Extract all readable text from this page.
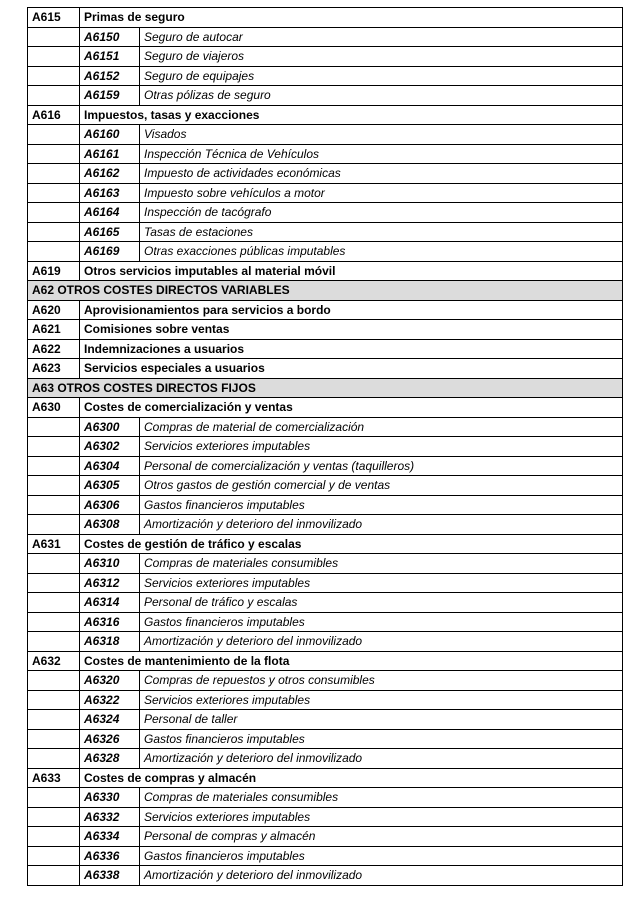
A615	Primas de seguro	
	A6150	Seguro de autocar
	A6151	Seguro de viajeros
	A6152	Seguro de equipajes
	A6159	Otras pólizas de seguro
A616	Impuestos, tasas y exacciones	
	A6160	Visados
	A6161	Inspección Técnica de Vehículos
	A6162	Impuesto de actividades económicas
	A6163	Impuesto sobre vehículos a motor
	A6164	Inspección de tacógrafo
	A6165	Tasas de estaciones
	A6169	Otras exacciones públicas imputables
A619	Otros servicios imputables al material móvil	
A62 OTROS COSTES DIRECTOS VARIABLES		
A620	Aprovisionamientos para servicios a bordo	
A621	Comisiones sobre ventas	
A622	Indemnizaciones a usuarios	
A623	Servicios especiales a usuarios	
A63 OTROS COSTES DIRECTOS FIJOS		
A630	Costes de comercialización y ventas	
	A6300	Compras de material de comercialización
	A6302	Servicios exteriores imputables
	A6304	Personal de comercialización y ventas (taquilleros)
	A6305	Otros gastos de gestión comercial y de ventas
	A6306	Gastos financieros imputables
	A6308	Amortización y deterioro del inmovilizado
A631	Costes de gestión de tráfico y escalas	
	A6310	Compras de materiales consumibles
	A6312	Servicios exteriores imputables
	A6314	Personal de tráfico y escalas
	A6316	Gastos financieros imputables
	A6318	Amortización y deterioro del inmovilizado
A632	Costes de mantenimiento de la flota	
	A6320	Compras de repuestos y otros consumibles
	A6322	Servicios exteriores imputables
	A6324	Personal de taller
	A6326	Gastos financieros imputables
	A6328	Amortización y deterioro del inmovilizado
A633	Costes de compras y almacén	
	A6330	Compras de materiales consumibles
	A6332	Servicios exteriores imputables
	A6334	Personal de compras y almacén
	A6336	Gastos financieros imputables
	A6338	Amortización y deterioro del inmovilizado
